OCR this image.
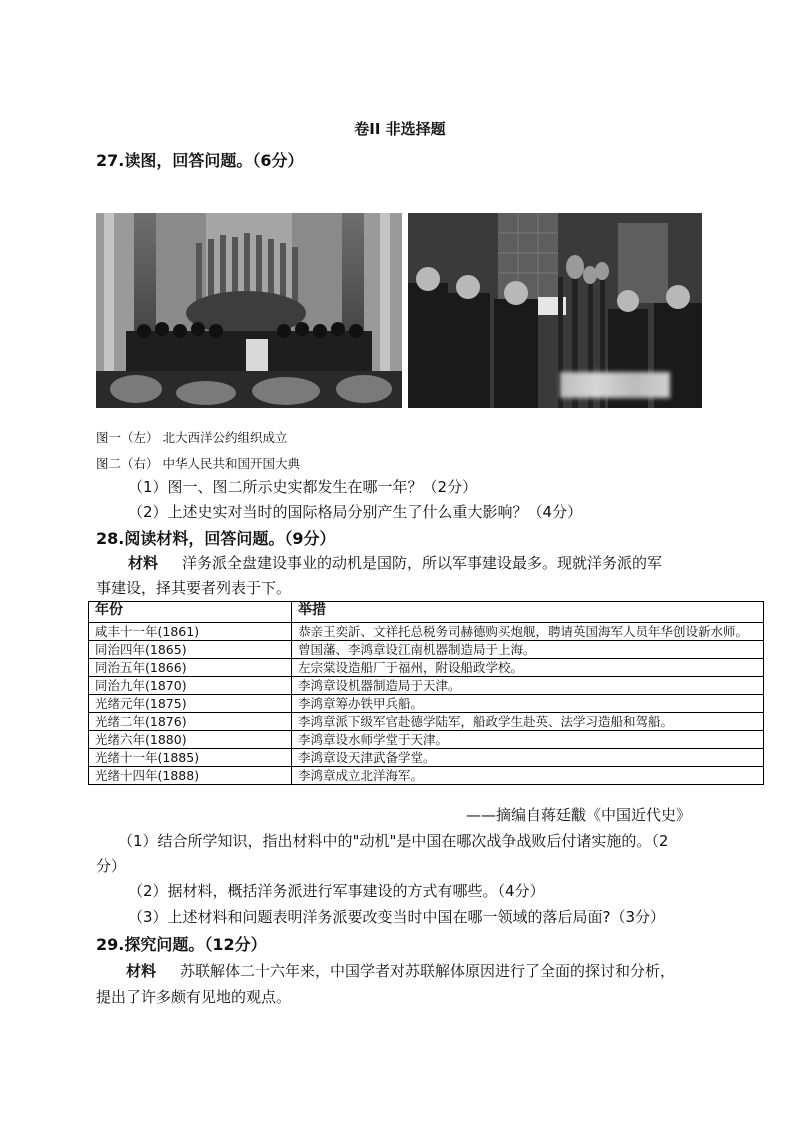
卷II 非选择题
27.读图，回答问题。（6分）
图一（左） 北大西洋公约组织成立
图二（右） 中华人民共和国开国大典
（1）图一、图二所示史实都发生在哪一年？（2分）
（2）上述史实对当时的国际格局分别产生了什么重大影响？（4分）
28.阅读材料，回答问题。（9分）
材料 洋务派全盘建设事业的动机是国防，所以军事建设最多。现就洋务派的军
事建设，择其要者列表于下。
年份	举措
咸丰十一年(1861)	恭亲王奕訢、文祥托总税务司赫德购买炮舰，聘请英国海军人员年华创设新水师。
同治四年(1865)	曾国藩、李鸿章设江南机器制造局于上海。
同治五年(1866)	左宗棠设造船厂于福州，附设船政学校。
同治九年(1870)	李鸿章设机器制造局于天津。
光绪元年(1875)	李鸿章筹办铁甲兵船。
光绪二年(1876)	李鸿章派下级军官赴德学陆军，船政学生赴英、法学习造船和驾船。
光绪六年(1880)	李鸿章设水师学堂于天津。
光绪十一年(1885)	李鸿章设天津武备学堂。
光绪十四年(1888)	李鸿章成立北洋海军。
——摘编自蒋廷黻《中国近代史》
（1）结合所学知识，指出材料中的"动机"是中国在哪次战争战败后付诸实施的。（2
分）
（2）据材料，概括洋务派进行军事建设的方式有哪些。（4分）
（3）上述材料和问题表明洋务派要改变当时中国在哪一领域的落后局面?（3分）
29.探究问题。（12分）
材料 苏联解体二十六年来，中国学者对苏联解体原因进行了全面的探讨和分析，
提出了许多颇有见地的观点。
